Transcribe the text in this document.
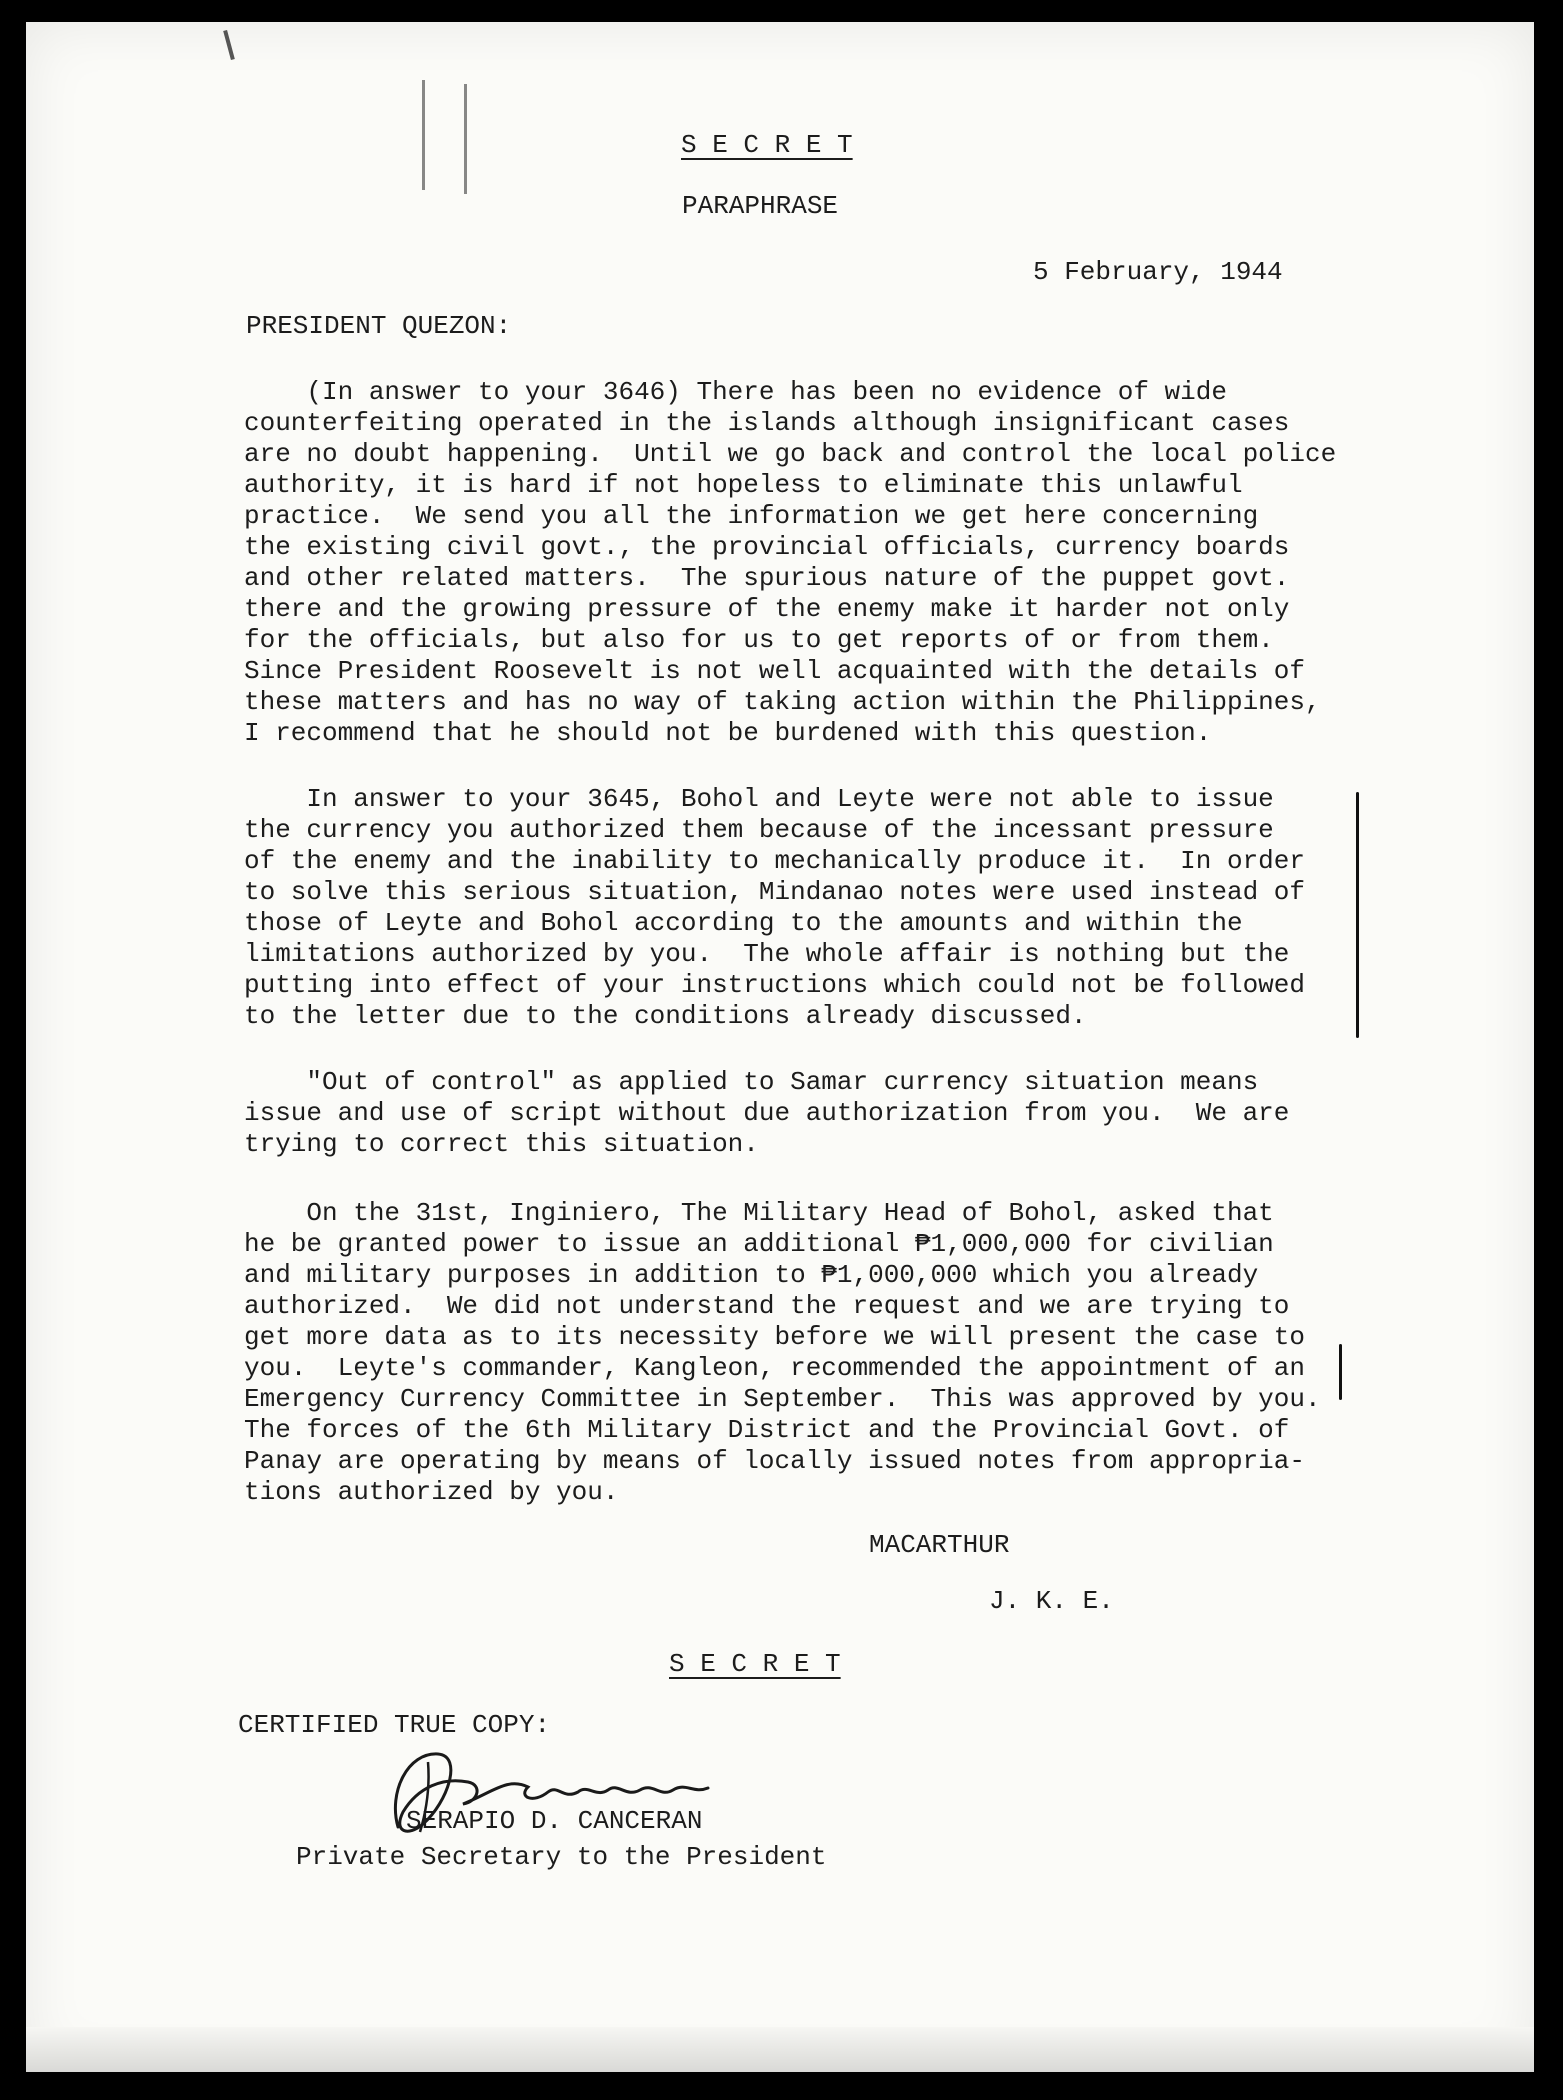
S E C R E T
PARAPHRASE
5 February, 1944
PRESIDENT QUEZON:
(In answer to your 3646) There has been no evidence of wide
counterfeiting operated in the islands although insignificant cases
are no doubt happening.  Until we go back and control the local police
authority, it is hard if not hopeless to eliminate this unlawful
practice.  We send you all the information we get here concerning
the existing civil govt., the provincial officials, currency boards
and other related matters.  The spurious nature of the puppet govt.
there and the growing pressure of the enemy make it harder not only
for the officials, but also for us to get reports of or from them.
Since President Roosevelt is not well acquainted with the details of
these matters and has no way of taking action within the Philippines,
I recommend that he should not be burdened with this question.
In answer to your 3645, Bohol and Leyte were not able to issue
the currency you authorized them because of the incessant pressure
of the enemy and the inability to mechanically produce it.  In order
to solve this serious situation, Mindanao notes were used instead of
those of Leyte and Bohol according to the amounts and within the
limitations authorized by you.  The whole affair is nothing but the
putting into effect of your instructions which could not be followed
to the letter due to the conditions already discussed.
"Out of control" as applied to Samar currency situation means
issue and use of script without due authorization from you.  We are
trying to correct this situation.
On the 31st, Inginiero, The Military Head of Bohol, asked that
he be granted power to issue an additional ₱1,000,000 for civilian
and military purposes in addition to ₱1,000,000 which you already
authorized.  We did not understand the request and we are trying to
get more data as to its necessity before we will present the case to
you.  Leyte's commander, Kangleon, recommended the appointment of an
Emergency Currency Committee in September.  This was approved by you.
The forces of the 6th Military District and the Provincial Govt. of
Panay are operating by means of locally issued notes from appropria-
tions authorized by you.
MACARTHUR
J. K. E.
S E C R E T
CERTIFIED TRUE COPY:
SERAPIO D. CANCERAN
Private Secretary to the President
